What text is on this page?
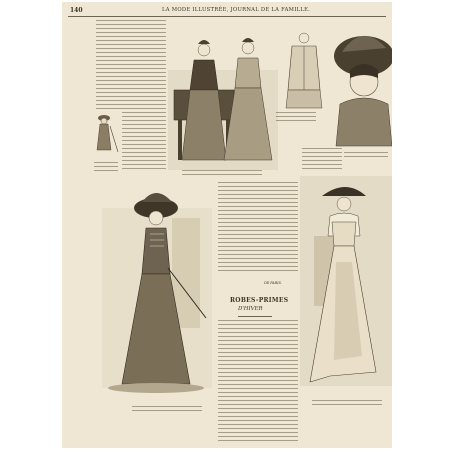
140	LA MODE ILLUSTRÉE, JOURNAL DE LA FAMILLE.
DE PARIS.
ROBES-PRIMES
D'HIVER
